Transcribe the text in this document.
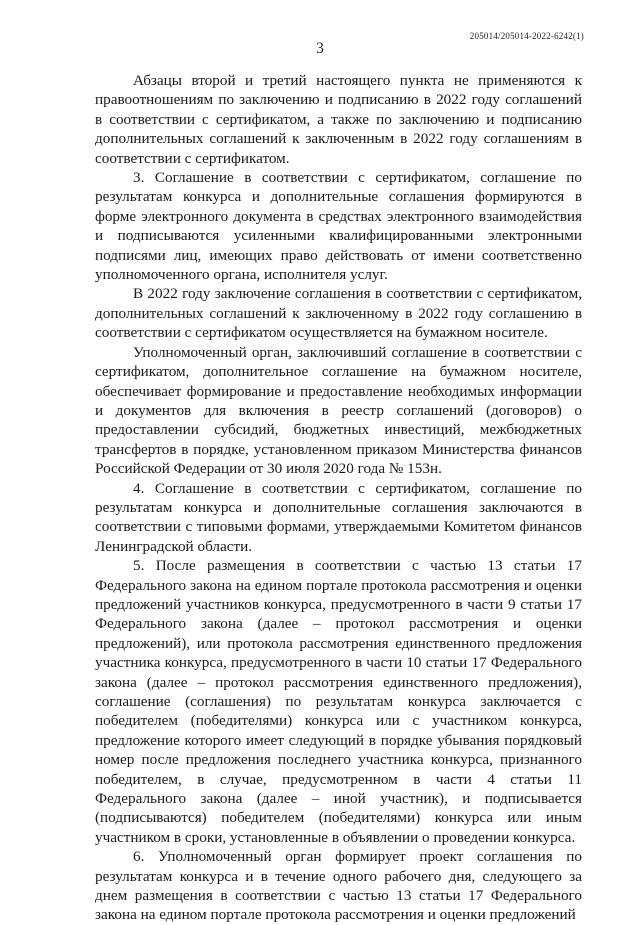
205014/205014-2022-6242(1)
3

Абзацы второй и третий настоящего пункта не применяются к правоотношениям по заключению и подписанию в 2022 году соглашений в соответствии с сертификатом, а также по заключению и подписанию дополнительных соглашений к заключенным в 2022 году соглашениям в соответствии с сертификатом.

3. Соглашение в соответствии с сертификатом, соглашение по результатам конкурса и дополнительные соглашения формируются в форме электронного документа в средствах электронного взаимодействия и подписываются усиленными квалифицированными электронными подписями лиц, имеющих право действовать от имени соответственно уполномоченного органа, исполнителя услуг.

В 2022 году заключение соглашения в соответствии с сертификатом, дополнительных соглашений к заключенному в 2022 году соглашению в соответствии с сертификатом осуществляется на бумажном носителе.

Уполномоченный орган, заключивший соглашение в соответствии с сертификатом, дополнительное соглашение на бумажном носителе, обеспечивает формирование и предоставление необходимых информации и документов для включения в реестр соглашений (договоров) о предоставлении субсидий, бюджетных инвестиций, межбюджетных трансфертов в порядке, установленном приказом Министерства финансов Российской Федерации от 30 июля 2020 года № 153н.

4. Соглашение в соответствии с сертификатом, соглашение по результатам конкурса и дополнительные соглашения заключаются в соответствии с типовыми формами, утверждаемыми Комитетом финансов Ленинградской области.

5. После размещения в соответствии с частью 13 статьи 17 Федерального закона на едином портале протокола рассмотрения и оценки предложений участников конкурса, предусмотренного в части 9 статьи 17 Федерального закона (далее – протокол рассмотрения и оценки предложений), или протокола рассмотрения единственного предложения участника конкурса, предусмотренного в части 10 статьи 17 Федерального закона (далее – протокол рассмотрения единственного предложения), соглашение (соглашения) по результатам конкурса заключается с победителем (победителями) конкурса или с участником конкурса, предложение которого имеет следующий в порядке убывания порядковый номер после предложения последнего участника конкурса, признанного победителем, в случае, предусмотренном в части 4 статьи 11 Федерального закона (далее – иной участник), и подписывается (подписываются) победителем (победителями) конкурса или иным участником в сроки, установленные в объявлении о проведении конкурса.

6. Уполномоченный орган формирует проект соглашения по результатам конкурса и в течение одного рабочего дня, следующего за днем размещения в соответствии с частью 13 статьи 17 Федерального закона на едином портале протокола рассмотрения и оценки предложений
